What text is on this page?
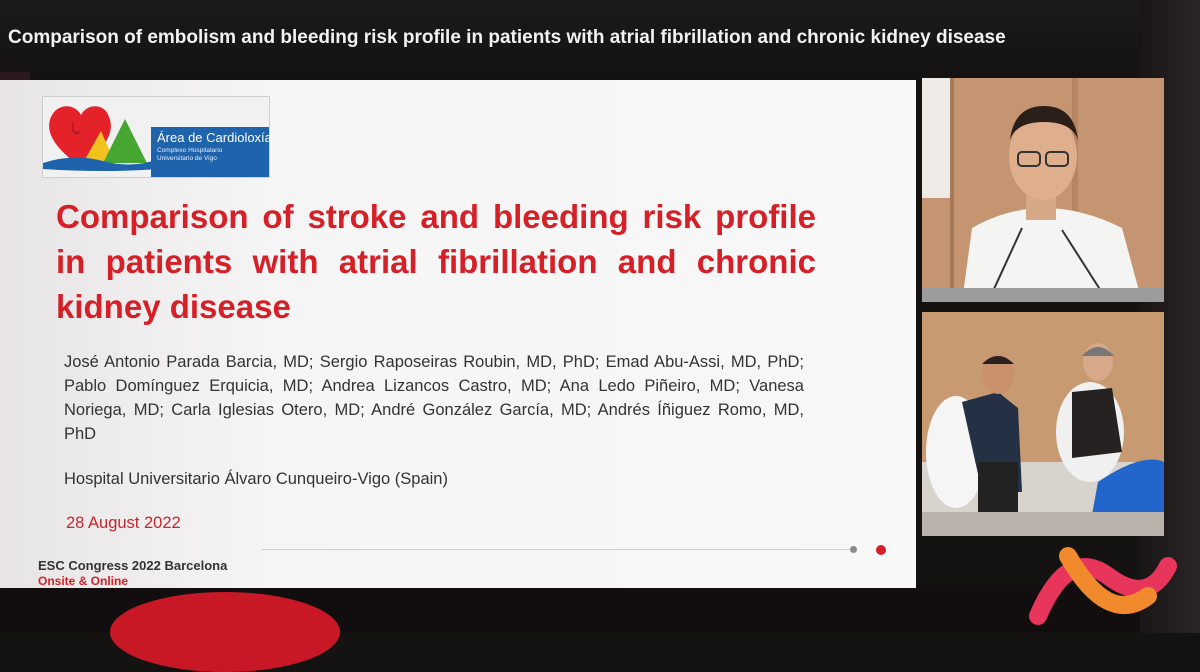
Comparison of embolism and bleeding risk profile in patients with atrial fibrillation and chronic kidney disease
Área de Cardioloxía
Complexo Hospitalario
Universitario de Vigo
Comparison of stroke and bleeding risk profile in patients with atrial fibrillation and chronic kidney disease
José Antonio Parada Barcia, MD; Sergio Raposeiras Roubin, MD, PhD; Emad Abu-Assi, MD, PhD; Pablo Domínguez Erquicia, MD; Andrea Lizancos Castro, MD; Ana Ledo Piñeiro, MD; Vanesa Noriega, MD; Carla Iglesias Otero, MD; André González García, MD; Andrés Íñiguez Romo, MD, PhD
Hospital Universitario Álvaro Cunqueiro-Vigo (Spain)
28 August 2022
ESC Congress 2022 Barcelona
Onsite & Online
